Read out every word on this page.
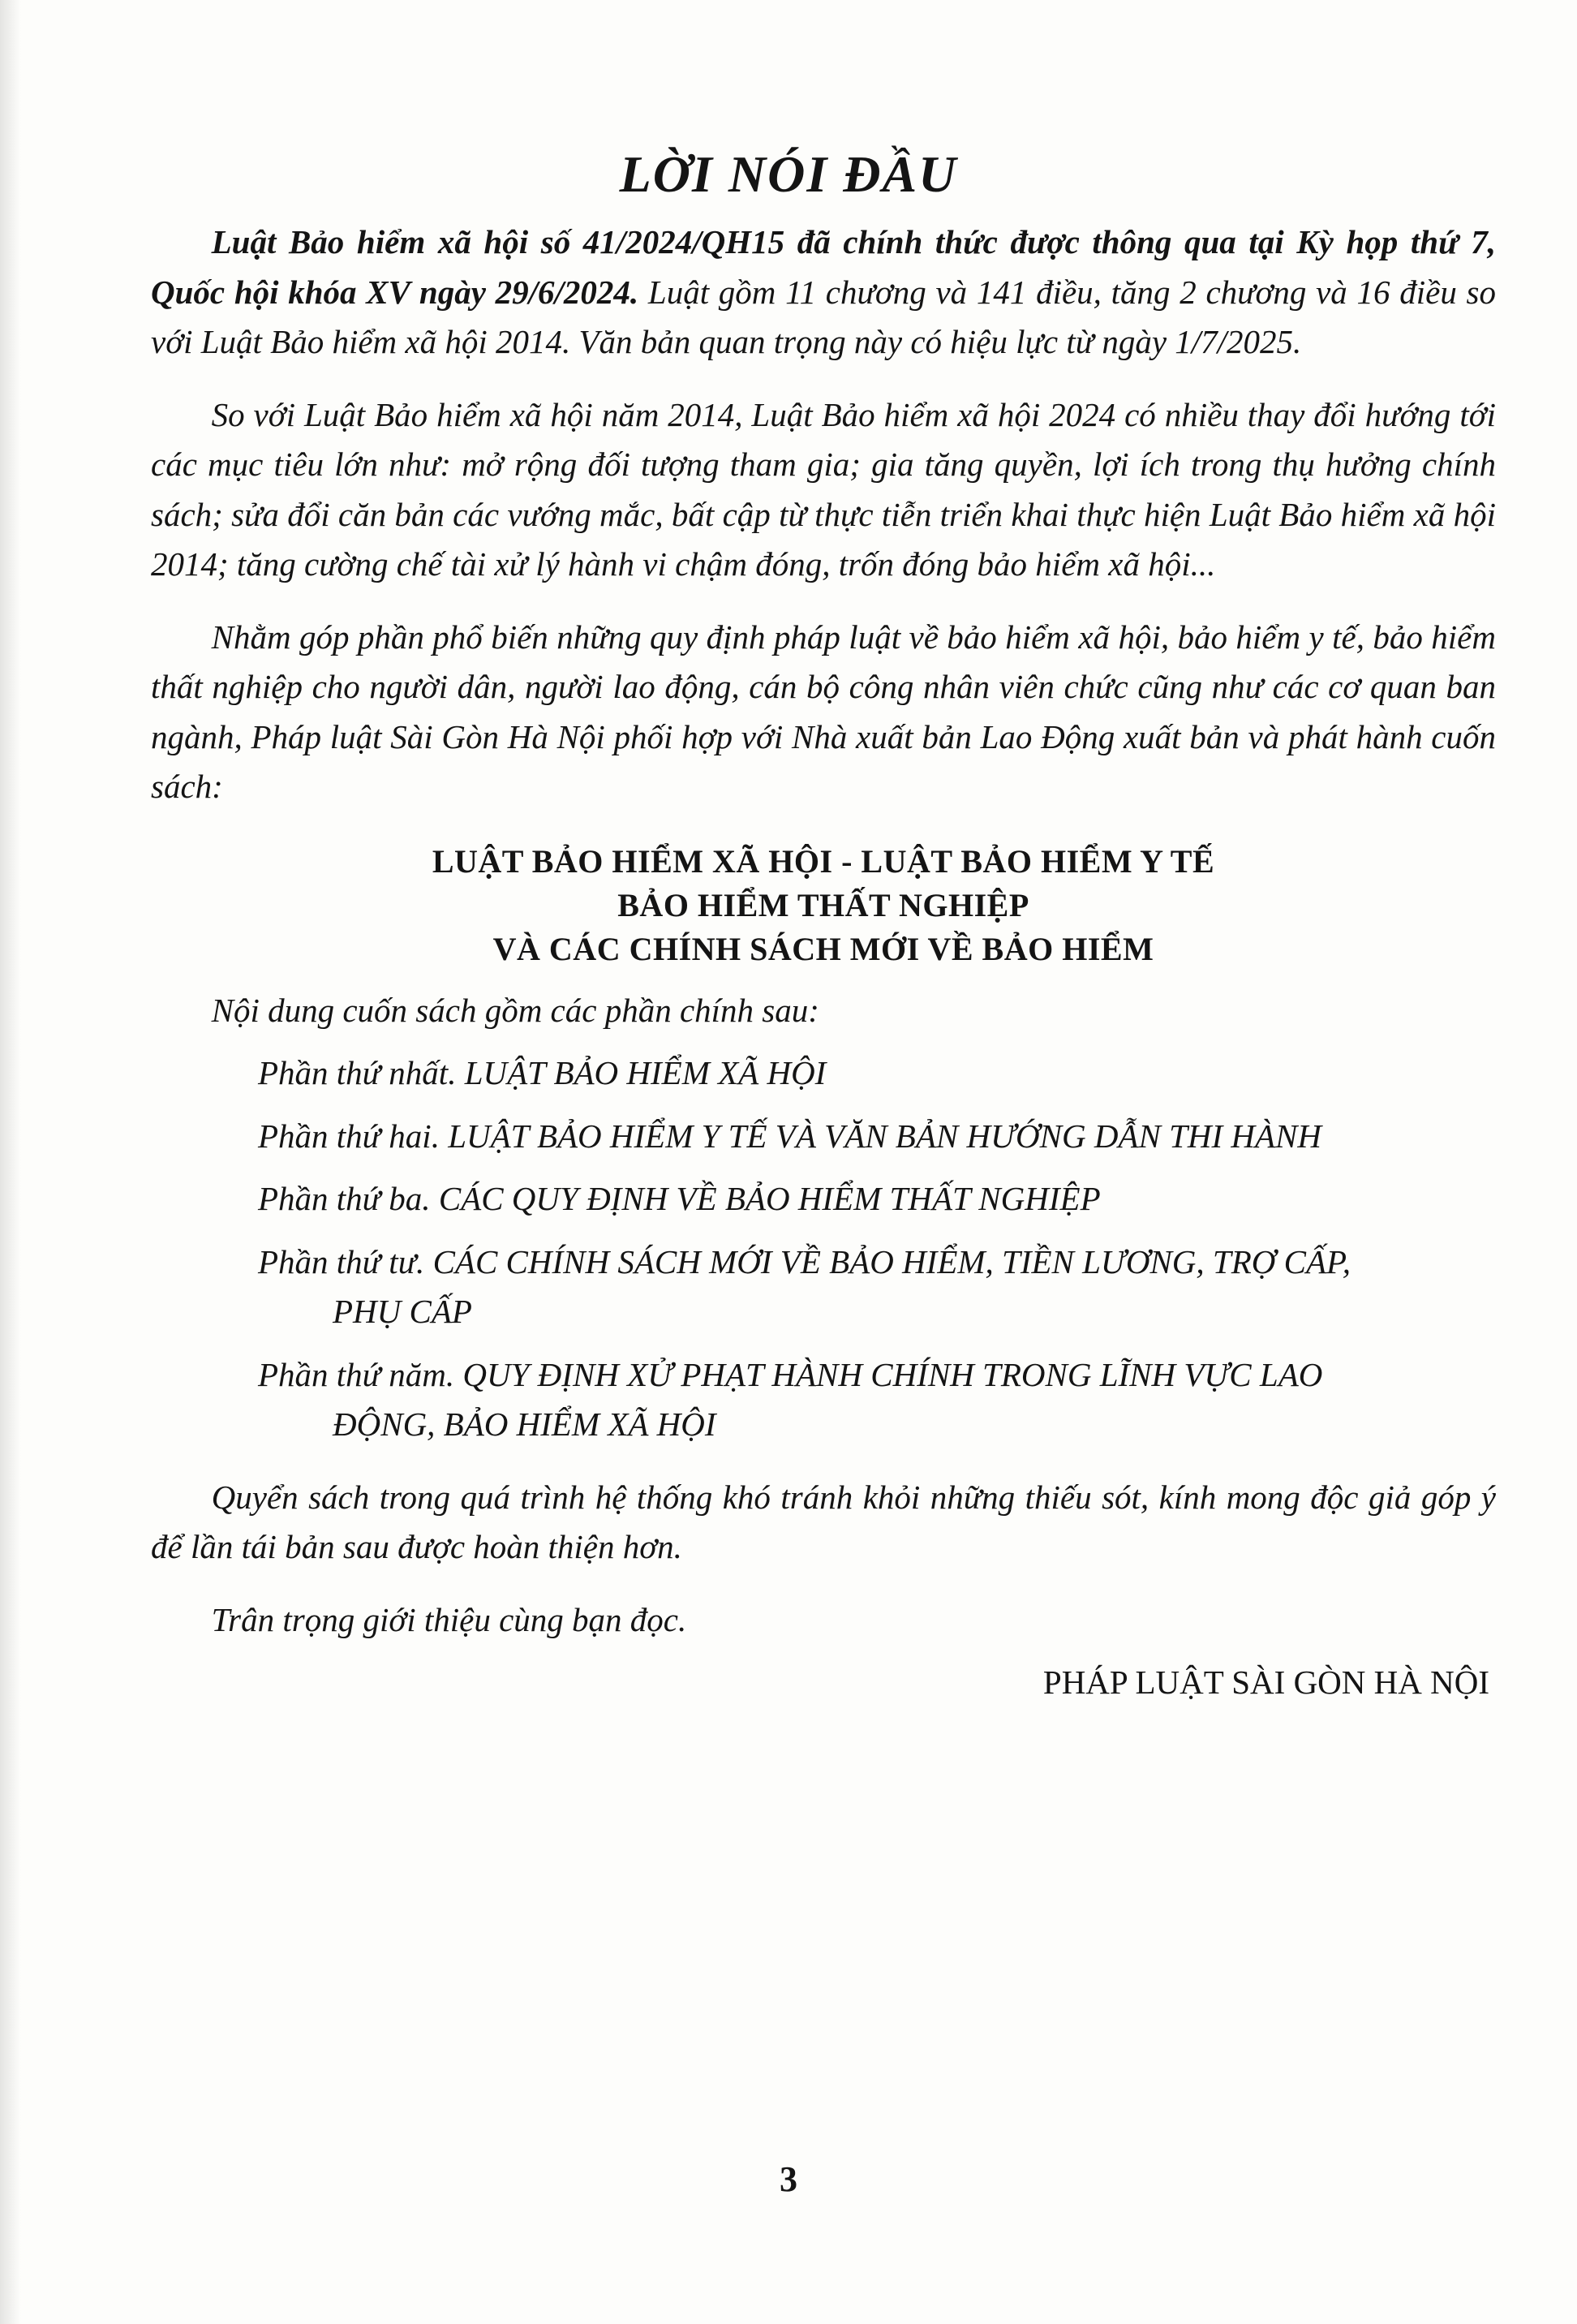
LỜI NÓI ĐẦU

Luật Bảo hiểm xã hội số 41/2024/QH15 đã chính thức được thông qua tại Kỳ họp thứ 7, Quốc hội khóa XV ngày 29/6/2024. Luật gồm 11 chương và 141 điều, tăng 2 chương và 16 điều so với Luật Bảo hiểm xã hội 2014. Văn bản quan trọng này có hiệu lực từ ngày 1/7/2025.

So với Luật Bảo hiểm xã hội năm 2014, Luật Bảo hiểm xã hội 2024 có nhiều thay đổi hướng tới các mục tiêu lớn như: mở rộng đối tượng tham gia; gia tăng quyền, lợi ích trong thụ hưởng chính sách; sửa đổi căn bản các vướng mắc, bất cập từ thực tiễn triển khai thực hiện Luật Bảo hiểm xã hội 2014; tăng cường chế tài xử lý hành vi chậm đóng, trốn đóng bảo hiểm xã hội...

Nhằm góp phần phổ biến những quy định pháp luật về bảo hiểm xã hội, bảo hiểm y tế, bảo hiểm thất nghiệp cho người dân, người lao động, cán bộ công nhân viên chức cũng như các cơ quan ban ngành, Pháp luật Sài Gòn Hà Nội phối hợp với Nhà xuất bản Lao Động xuất bản và phát hành cuốn sách:

LUẬT BẢO HIỂM XÃ HỘI - LUẬT BẢO HIỂM Y TẾ
BẢO HIỂM THẤT NGHIỆP
VÀ CÁC CHÍNH SÁCH MỚI VỀ BẢO HIỂM

Nội dung cuốn sách gồm các phần chính sau:

Phần thứ nhất. LUẬT BẢO HIỂM XÃ HỘI

Phần thứ hai. LUẬT BẢO HIỂM Y TẾ VÀ VĂN BẢN HƯỚNG DẪN THI HÀNH

Phần thứ ba. CÁC QUY ĐỊNH VỀ BẢO HIỂM THẤT NGHIỆP

Phần thứ tư. CÁC CHÍNH SÁCH MỚI VỀ BẢO HIỂM, TIỀN LƯƠNG, TRỢ CẤP,
PHỤ CẤP

Phần thứ năm. QUY ĐỊNH XỬ PHẠT HÀNH CHÍNH TRONG LĨNH VỰC LAO
ĐỘNG, BẢO HIỂM XÃ HỘI

Quyển sách trong quá trình hệ thống khó tránh khỏi những thiếu sót, kính mong độc giả góp ý để lần tái bản sau được hoàn thiện hơn.

Trân trọng giới thiệu cùng bạn đọc.

PHÁP LUẬT SÀI GÒN HÀ NỘI

3
